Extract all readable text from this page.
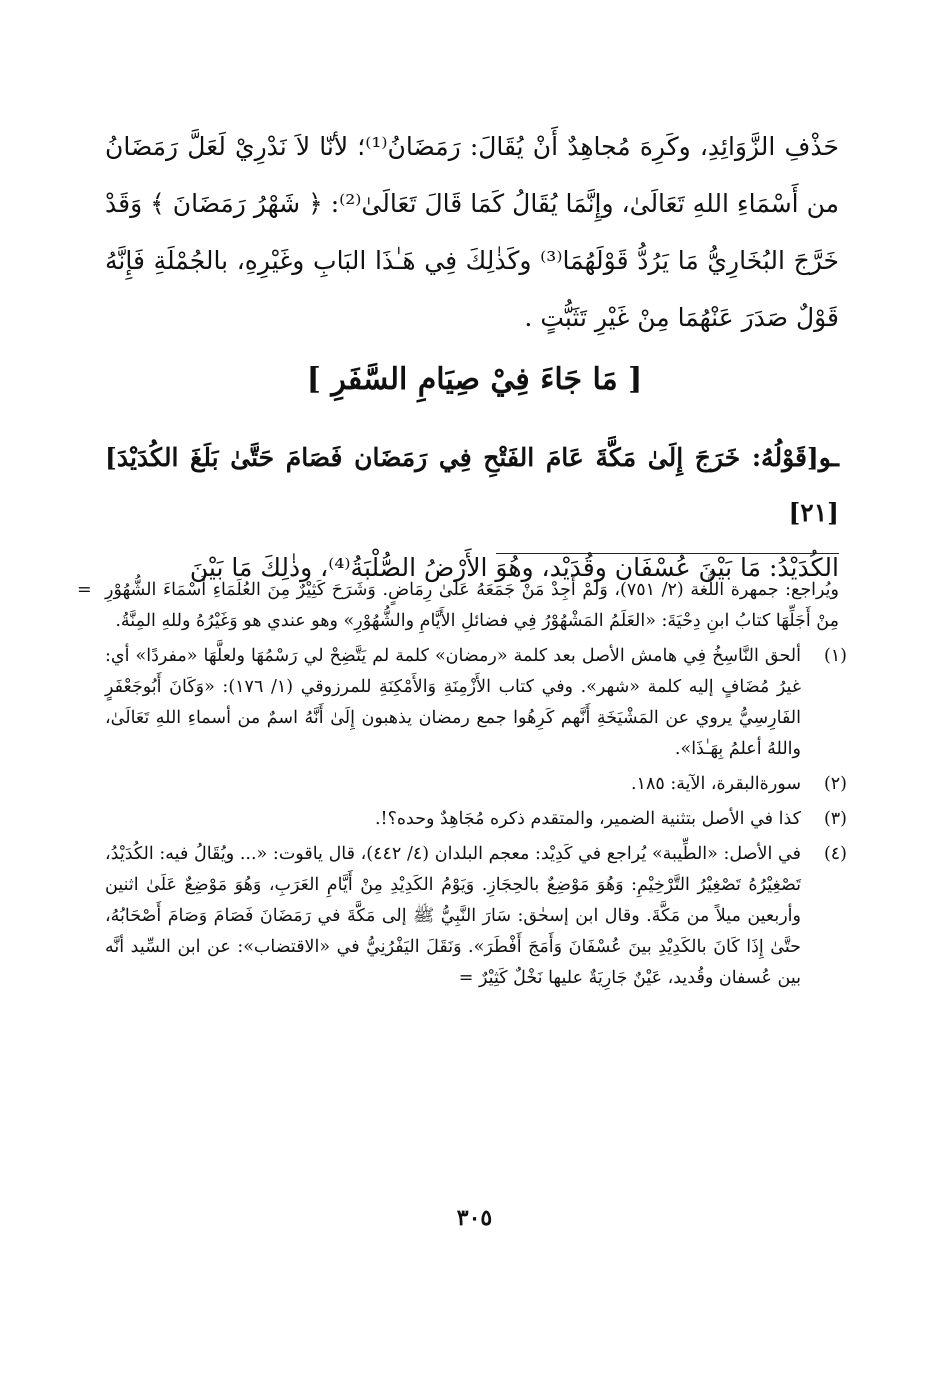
حَذْفِ الزَّوَائِدِ، وكَرِهَ مُجاهِدٌ أَنْ يُقَالَ: رَمَضَانُ⁽¹⁾؛ لأنّا لاَ نَدْرِيْ لَعَلَّ رَمَضَانُ من أَسْمَاءِ اللهِ تَعَالَىٰ، وإِنَّمَا يُقَالُ كَمَا قَالَ تَعَالَىٰ⁽²⁾: ﴿ شَهْرُ رَمَضَانَ ﴾ وَقَدْ خَرَّجَ البُخَارِيُّ مَا يَرُدُّ قَوْلَهُمَا⁽³⁾ وكَذٰلِكَ فِي هَـٰذَا البَابِ وغَيْرِهِ، بالجُمْلَةِ فَإِنَّهُ قَوْلٌ صَدَرَ عَنْهُمَا مِنْ غَيْرِ تَثَبُّتٍ .

[ مَا جَاءَ فِيْ صِيَامِ السَّفَرِ ]

ـو[قَوْلُهُ: خَرَجَ إِلَىٰ مَكَّةَ عَامَ الفَتْحِ فِي رَمَضَان فَصَامَ حَتَّىٰ بَلَغَ الكُدَيْدَ][٢١]

الكُدَيْدُ: مَا بَيْنَ عُسْفَان وقُدَيْد، وهُوَ الأَرْضُ الصُّلْبَةُ⁽⁴⁾، وذٰلِكَ مَا بَيْنَ

= ويُراجع: جمهرة اللُّغة (٢/ ٧٥١)، وَلَمْ أَجِدْ مَنْ جَمَعَهُ عَلَىٰ رِمَاضٍ. وَشَرَحَ كَثِيْرٌ مِنَ العُلَمَاءِ أَسْمَاءَ الشُّهُوْرِ مِنْ أَجَلِّهَا كتابُ ابنِ دِحْيَةَ: «العَلَمُ المَشْهُوْرُ فِي فضائلِ الأَيَّامِ والشُّهُوْرِ» وهو عندي هو وَغَيْرُهُ وللهِ المِنَّةُ.
(١)
ألحق النَّاسِخُ فِي هامش الأصل بعد كلمة «رمضان» كلمة لم يَتَّضِحْ لي رَسْمُهَا ولعلَّهَا «مفردًا» أي: غيرُ مُضَافٍ إليه كلمة «شهر». وفي كتاب الأَزْمِنَةِ وَالأَمْكِنَةِ للمرزوقي (١/ ١٧٦): «وَكَانَ أَبُوجَعْفَرٍ الفَارِسِيُّ يروي عن المَشْيَخَةِ أَنَّهم كَرِهُوا جمع رمضان يذهبون إِلَىٰ أَنَّهُ اسمٌ من أسماءِ اللهِ تَعَالَىٰ، واللهُ أعلمُ بِهَـٰذَا».
(٢)
سورةالبقرة، الآية: ١٨٥.
(٣)
كذا في الأصل بتثنية الضمير، والمتقدم ذكره مُجَاهِدٌ وحده؟!.
(٤)
في الأصل: «الطِّيبة» يُراجع في كَدِيْد: معجم البلدان (٤/ ٤٤٢)، قال ياقوت: «... ويُقَالُ فيه: الكُدَيْدُ، تَصْغِيْرُهُ تَصْغِيْرُ التَّرْخِيْمِ: وَهُوَ مَوْضِعٌ بالحِجَازِ. وَيَوْمُ الكَدِيْدِ مِنْ أَيَّامِ العَرَبِ، وَهُوَ مَوْضِعٌ عَلَىٰ اثنين وأربعين ميلاً من مَكَّةَ. وقال ابن إسحٰق: سَارَ النَّبِيُّ ﷺ إلى مَكَّةَ في رَمَضَانَ فَصَامَ وَصَامَ أَصْحَابُهُ، حتَّىٰ إِذَا كَانَ بالكَدِيْدِ بينَ عُسْفَانَ وَأَمَجَ أَفْطَرَ». وَنَقَلَ اليَفْرُنِيُّ في «الاقتضاب»: عن ابن السِّيد أنَّه بين عُسفان وقُديد، عَيْنٌ جَارِيَةٌ عليها نَخْلٌ كَثِيْرٌ =
٣٠٥
